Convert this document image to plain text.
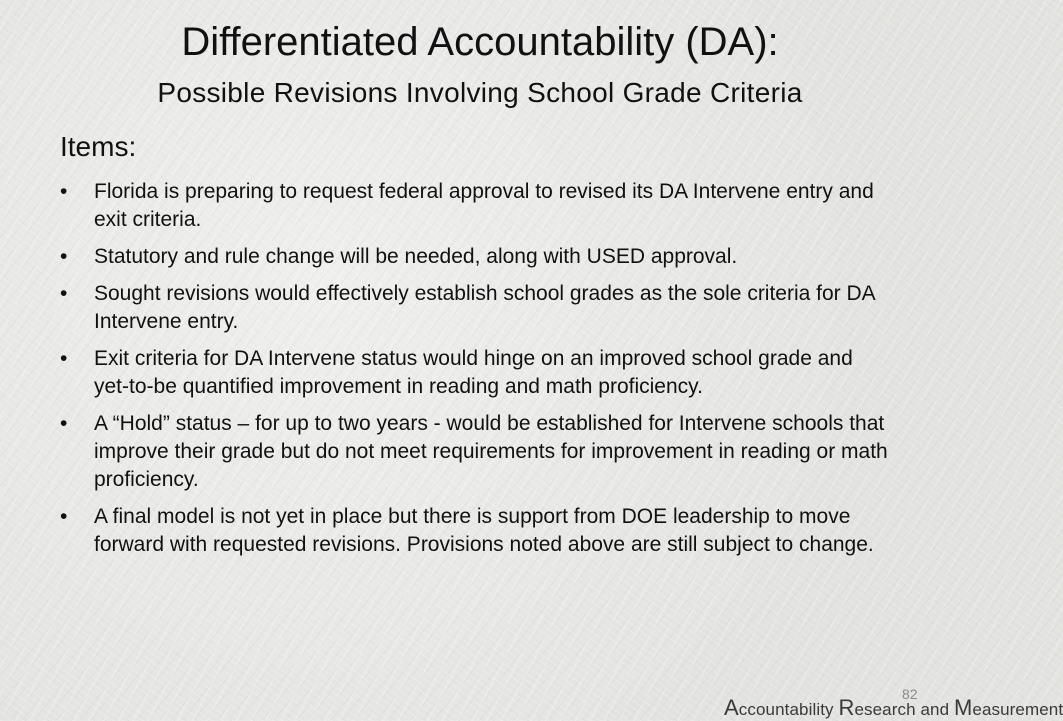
Differentiated Accountability (DA):
Possible Revisions Involving School Grade Criteria
Items:
•	Florida is preparing to request federal approval to revised its DA Intervene entry and exit criteria.
•	Statutory and rule change will be needed, along with USED approval.
•	Sought revisions would effectively establish school grades as the sole criteria for DA Intervene entry.
•	Exit criteria for DA Intervene status would hinge on an improved school grade and yet-to-be quantified improvement in reading and math proficiency.
•	A “Hold” status – for up to two years - would be established for Intervene schools that improve their grade but do not meet requirements for improvement in reading or math proficiency.
•	A final model is not yet in place but there is support from DOE leadership to move forward with requested revisions. Provisions noted above are still subject to change.
82
Accountability Research and Measurement
